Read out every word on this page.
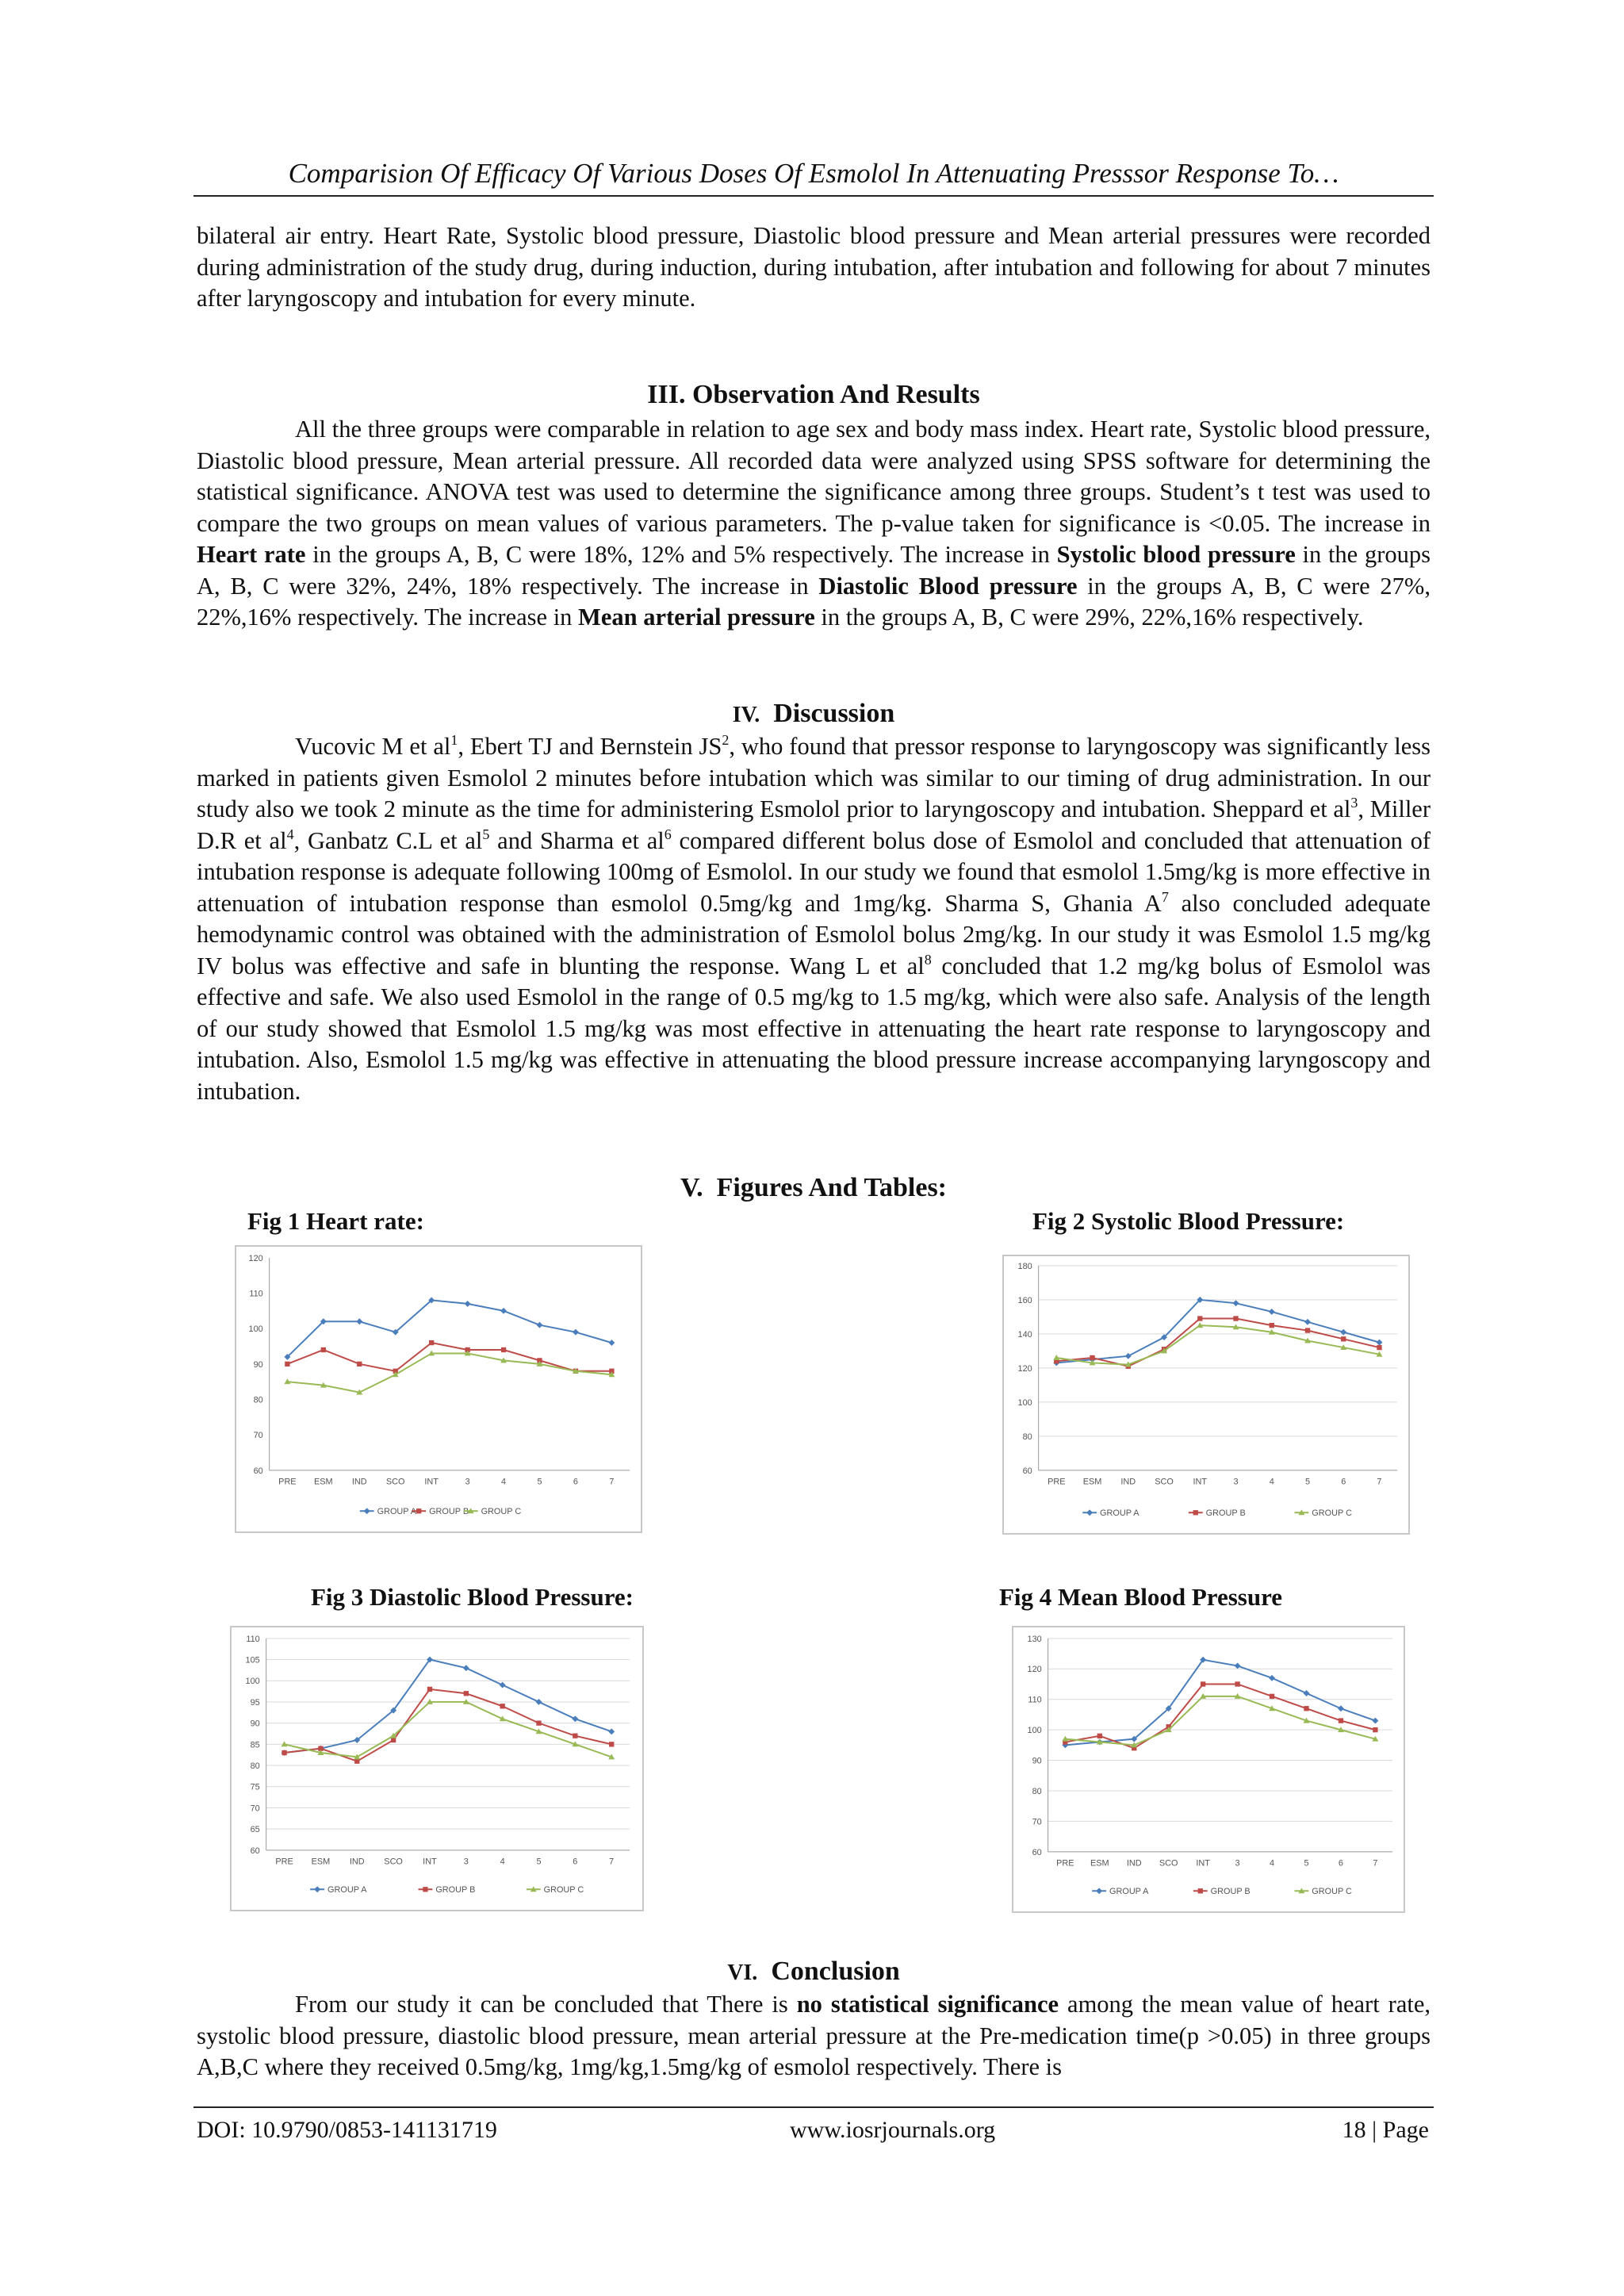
Comparision Of Efficacy Of Various Doses Of Esmolol In Attenuating Presssor Response To…

bilateral air entry. Heart Rate, Systolic blood pressure, Diastolic blood pressure and Mean arterial pressures were recorded during administration of the study drug, during induction, during intubation, after intubation and following for about 7 minutes after laryngoscopy and intubation for every minute.

III. Observation And Results

All the three groups were comparable in relation to age sex and body mass index. Heart rate, Systolic blood pressure, Diastolic blood pressure, Mean arterial pressure. All recorded data were analyzed using SPSS software for determining the statistical significance. ANOVA test was used to determine the significance among three groups. Student’s t test was used to compare the two groups on mean values of various parameters. The p-value taken for significance is <0.05. The increase in Heart rate in the groups A, B, C were 18%, 12% and 5% respectively. The increase in Systolic blood pressure in the groups A, B, C were 32%, 24%, 18% respectively. The increase in Diastolic Blood pressure in the groups A, B, C were 27%, 22%,16% respectively. The increase in Mean arterial pressure in the groups A, B, C were 29%, 22%,16% respectively.

IV. Discussion

Vucovic M et $al^1$, Ebert TJ and Bernstein $JS^2$, who found that pressor response to laryngoscopy was significantly less marked in patients given Esmolol 2 minutes before intubation which was similar to our timing of drug administration. In our study also we took 2 minute as the time for administering Esmolol prior to laryngoscopy and intubation. Sheppard et $al^3$, Miller D.R et $al^4$, Ganbatz C.L et $al^5$ and Sharma et $al^6$ compared different bolus dose of Esmolol and concluded that attenuation of intubation response is adequate following 100mg of Esmolol. In our study we found that esmolol 1.5mg/kg is more effective in attenuation of intubation response than esmolol 0.5mg/kg and 1mg/kg. Sharma S, Ghania $A^7$ also concluded adequate hemodynamic control was obtained with the administration of Esmolol bolus 2mg/kg. In our study it was Esmolol 1.5 mg/kg IV bolus was effective and safe in blunting the response. Wang L et $al^8$ concluded that 1.2 mg/kg bolus of Esmolol was effective and safe. We also used Esmolol in the range of 0.5 mg/kg to 1.5 mg/kg, which were also safe. Analysis of the length of our study showed that Esmolol 1.5 mg/kg was most effective in attenuating the heart rate response to laryngoscopy and intubation. Also, Esmolol 1.5 mg/kg was effective in attenuating the blood pressure increase accompanying laryngoscopy and intubation.

V. Figures And Tables:
Fig 1 Heart rate:	Fig 2 Systolic Blood Pressure:
60
70
80
90
100
110
120
PRE ESM IND SCO INT	3	4	5	6	7
GROUP A GROUP B GROUP C
60
80
100
120
140
160
180
PRE ESM IND SCO INT	3	4	5	6	7
GROUP A	GROUP B	GROUP C
Fig 3 Diastolic Blood Pressure:	Fig 4 Mean Blood Pressure
60
65
70
75
80
85
90
95
100
105
110
PRE ESM IND SCO INT	3	4	5	6	7
GROUP A	GROUP B	GROUP C
60
70
80
90
100
110
120
130
PRE ESM IND SCO INT	3	4	5	6	7
GROUP A	GROUP B	GROUP C
VI. Conclusion

From our study it can be concluded that There is no statistical significance among the mean value of heart rate, systolic blood pressure, diastolic blood pressure, mean arterial pressure at the Pre-medication time(p >0.05) in three groups A,B,C where they received 0.5mg/kg, 1mg/kg,1.5mg/kg of esmolol respectively. There is

DOI: 10.9790/0853-141131719	www.iosrjournals.org	18 | Page
